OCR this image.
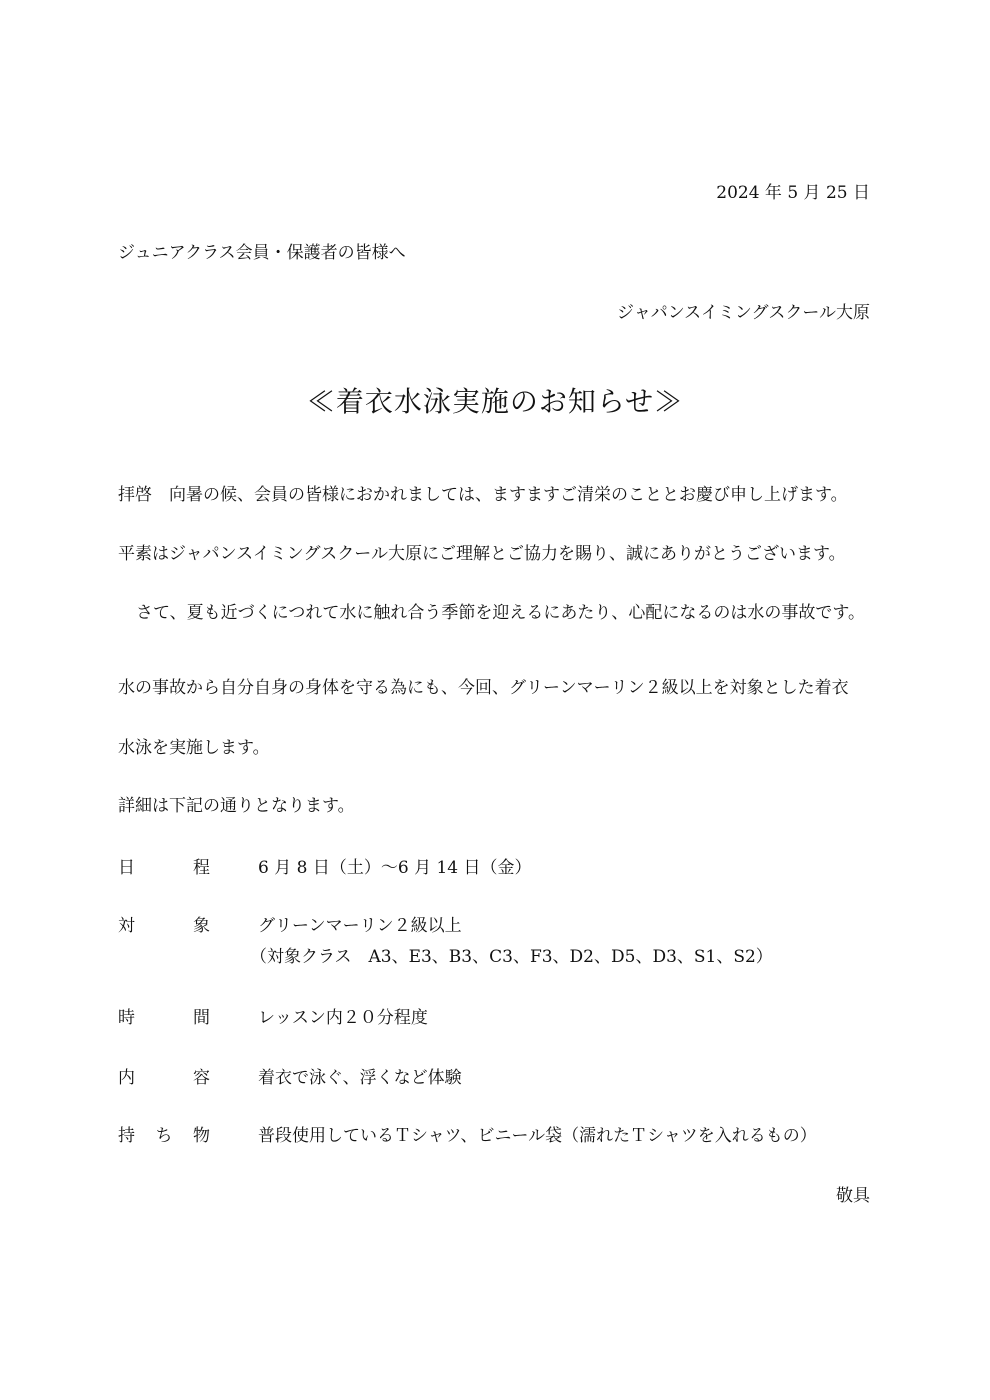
2024 年 5 月 25 日
ジュニアクラス会員・保護者の皆様へ
ジャパンスイミングスクール大原
≪着衣水泳実施のお知らせ≫
拝啓　向暑の候、会員の皆様におかれましては、ますますご清栄のこととお慶び申し上げます。
平素はジャパンスイミングスクール大原にご理解とご協力を賜り、誠にありがとうございます。
さて、夏も近づくにつれて水に触れ合う季節を迎えるにあたり、心配になるのは水の事故です。
水の事故から自分自身の身体を守る為にも、今回、グリーンマーリン２級以上を対象とした着衣
水泳を実施します。
詳細は下記の通りとなります。
日	程	6 月 8 日（土）～6 月 14 日（金）
対	象	グリーンマーリン２級以上
（対象クラス　A3、E3、B3、C3、F3、D2、D5、D3、S1、S2）
時	間	レッスン内２０分程度
内	容	着衣で泳ぐ、浮くなど体験
持 ち 物	普段使用しているＴシャツ、ビニール袋（濡れたＴシャツを入れるもの）
敬具
